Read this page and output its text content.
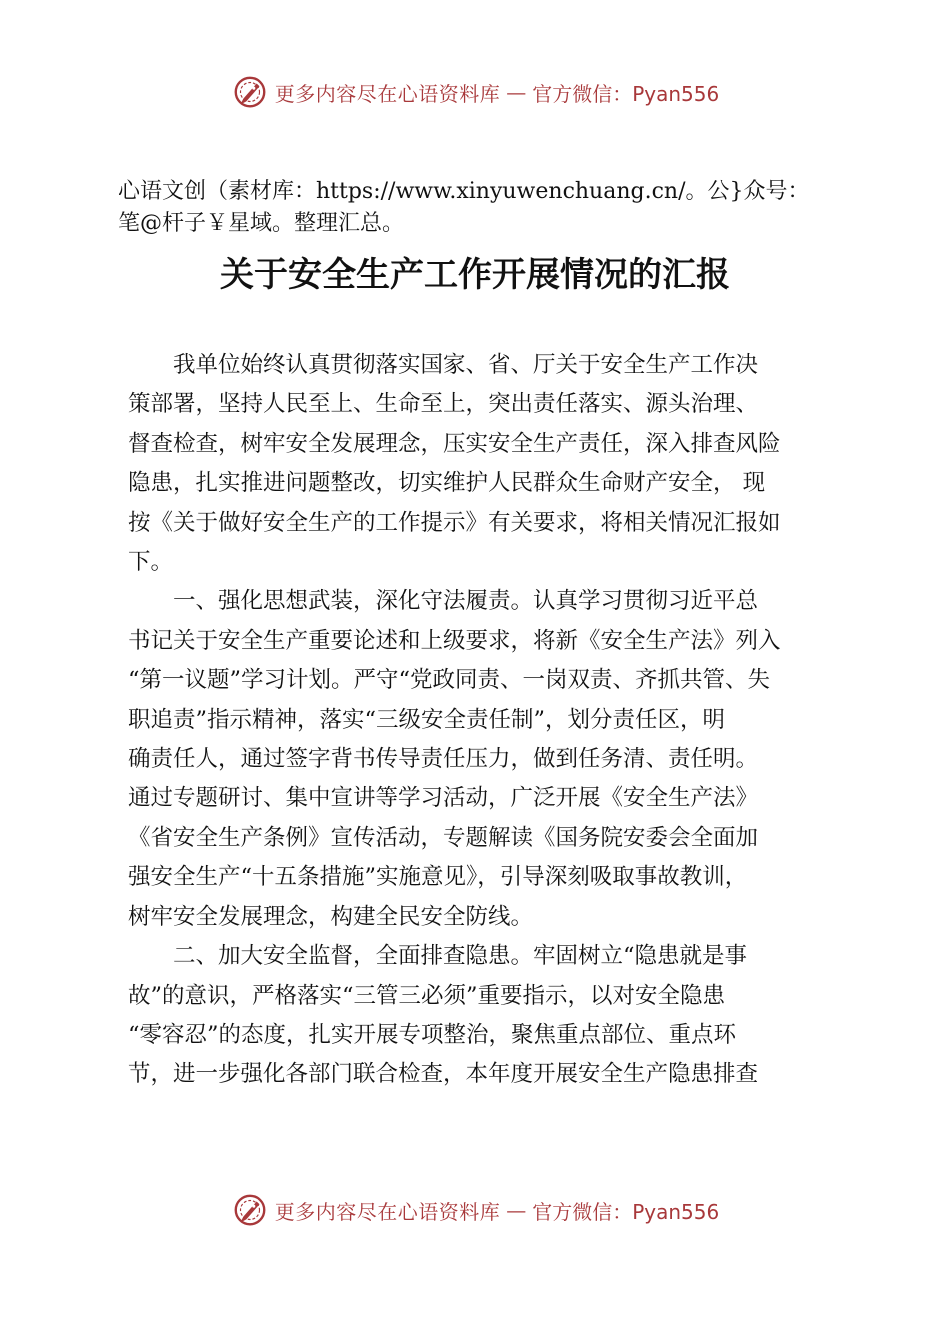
更多内容尽在心语资料库 — 官方微信：Pyan556

心语文创（素材库：https://www.xinyuwenchuang.cn/。公}众号：

笔@杆子￥星域。整理汇总。

关于安全生产工作开展情况的汇报
我单位始终认真贯彻落实国家、省、厅关于安全生产工作决
策部署，坚持人民至上、生命至上，突出责任落实、源头治理、
督查检查，树牢安全发展理念，压实安全生产责任，深入排查风险
隐患，扎实推进问题整改，切实维护人民群众生命财产安全， 现
按《关于做好安全生产的工作提示》有关要求，将相关情况汇报如
下。
一、强化思想武装，深化守法履责。认真学习贯彻习近平总
书记关于安全生产重要论述和上级要求，将新《安全生产法》列入
“第一议题”学习计划。严守“党政同责、一岗双责、齐抓共管、失
职追责”指示精神，落实“三级安全责任制”，划分责任区，明
确责任人，通过签字背书传导责任压力，做到任务清、责任明。
通过专题研讨、集中宣讲等学习活动，广泛开展《安全生产法》
《省安全生产条例》宣传活动，专题解读《国务院安委会全面加
强安全生产“十五条措施”实施意见》，引导深刻吸取事故教训，
树牢安全发展理念，构建全民安全防线。
二、加大安全监督，全面排查隐患。牢固树立“隐患就是事
故”的意识，严格落实“三管三必须”重要指示，以对安全隐患
“零容忍”的态度，扎实开展专项整治，聚焦重点部位、重点环
节，进一步强化各部门联合检查，本年度开展安全生产隐患排查
更多内容尽在心语资料库 — 官方微信：Pyan556
